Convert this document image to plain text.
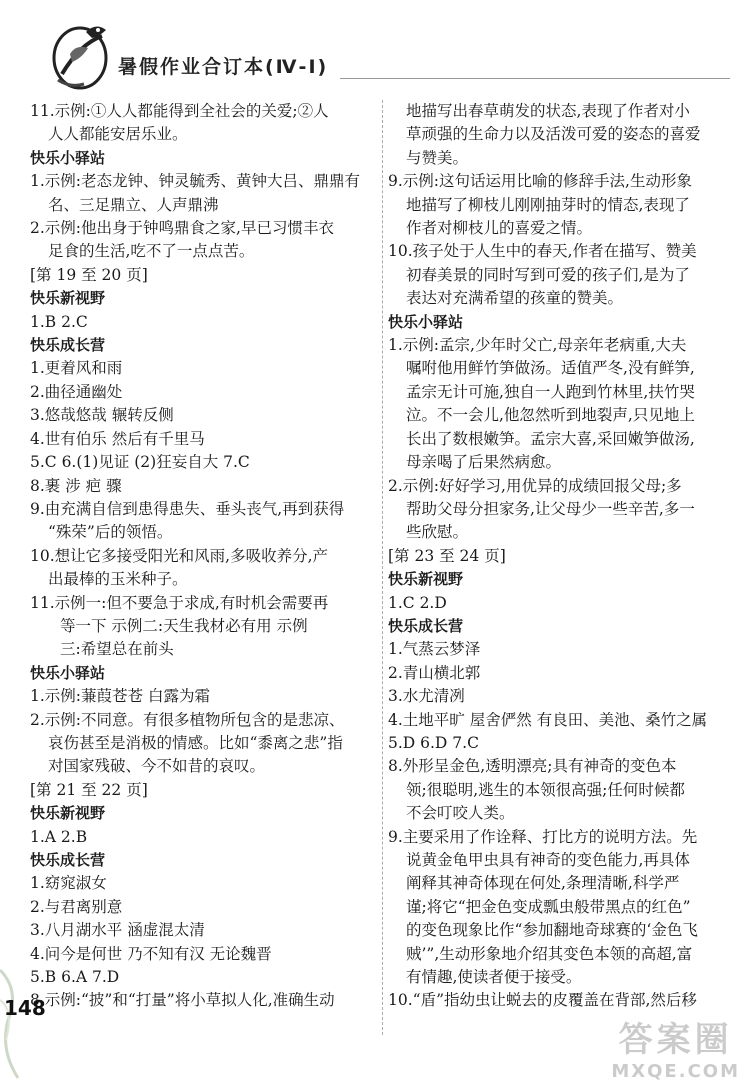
暑假作业合订本(Ⅳ-Ⅰ)
11.示例:①人人都能得到全社会的关爱;②人
人人都能安居乐业。
快乐小驿站
1.示例:老态龙钟、钟灵毓秀、黄钟大吕、鼎鼎有
名、三足鼎立、人声鼎沸
2.示例:他出身于钟鸣鼎食之家,早已习惯丰衣
足食的生活,吃不了一点点苦。
[第 19 至 20 页]
快乐新视野
1.B 2.C
快乐成长营
1.更着风和雨
2.曲径通幽处
3.悠哉悠哉 辗转反侧
4.世有伯乐 然后有千里马
5.C 6.(1)见证 (2)狂妄自大 7.C
8.裹 涉 疤 骤
9.由充满自信到患得患失、垂头丧气,再到获得
“殊荣”后的领悟。
10.想让它多接受阳光和风雨,多吸收养分,产
出最棒的玉米种子。
11.示例一:但不要急于求成,有时机会需要再
等一下 示例二:天生我材必有用 示例
三:希望总在前头
快乐小驿站
1.示例:蒹葭苍苍 白露为霜
2.示例:不同意。有很多植物所包含的是悲凉、
哀伤甚至是消极的情感。比如“黍离之悲”指
对国家残破、今不如昔的哀叹。
[第 21 至 22 页]
快乐新视野
1.A 2.B
快乐成长营
1.窈窕淑女
2.与君离别意
3.八月湖水平 涵虚混太清
4.问今是何世 乃不知有汉 无论魏晋
5.B 6.A 7.D
8.示例:“披”和“打量”将小草拟人化,准确生动
地描写出春草萌发的状态,表现了作者对小
草顽强的生命力以及活泼可爱的姿态的喜爱
与赞美。
9.示例:这句话运用比喻的修辞手法,生动形象
地描写了柳枝儿刚刚抽芽时的情态,表现了
作者对柳枝儿的喜爱之情。
10.孩子处于人生中的春天,作者在描写、赞美
初春美景的同时写到可爱的孩子们,是为了
表达对充满希望的孩童的赞美。
快乐小驿站
1.示例:孟宗,少年时父亡,母亲年老病重,大夫
嘱咐他用鲜竹笋做汤。适值严冬,没有鲜笋,
孟宗无计可施,独自一人跑到竹林里,扶竹哭
泣。不一会儿,他忽然听到地裂声,只见地上
长出了数根嫩笋。孟宗大喜,采回嫩笋做汤,
母亲喝了后果然病愈。
2.示例:好好学习,用优异的成绩回报父母;多
帮助父母分担家务,让父母少一些辛苦,多一
些欣慰。
[第 23 至 24 页]
快乐新视野
1.C 2.D
快乐成长营
1.气蒸云梦泽
2.青山横北郭
3.水尤清冽
4.土地平旷 屋舍俨然 有良田、美池、桑竹之属
5.D 6.D 7.C
8.外形呈金色,透明漂亮;具有神奇的变色本
领;很聪明,逃生的本领很高强;任何时候都
不会叮咬人类。
9.主要采用了作诠释、打比方的说明方法。先
说黄金龟甲虫具有神奇的变色能力,再具体
阐释其神奇体现在何处,条理清晰,科学严
谨;将它“把金色变成瓢虫般带黑点的红色”
的变色现象比作“参加翻地奇球赛的‘金色飞
贼’”,生动形象地介绍其变色本领的高超,富
有情趣,使读者便于接受。
10.“盾”指幼虫让蜕去的皮覆盖在背部,然后移
148
答案圈
MXQE.COM
